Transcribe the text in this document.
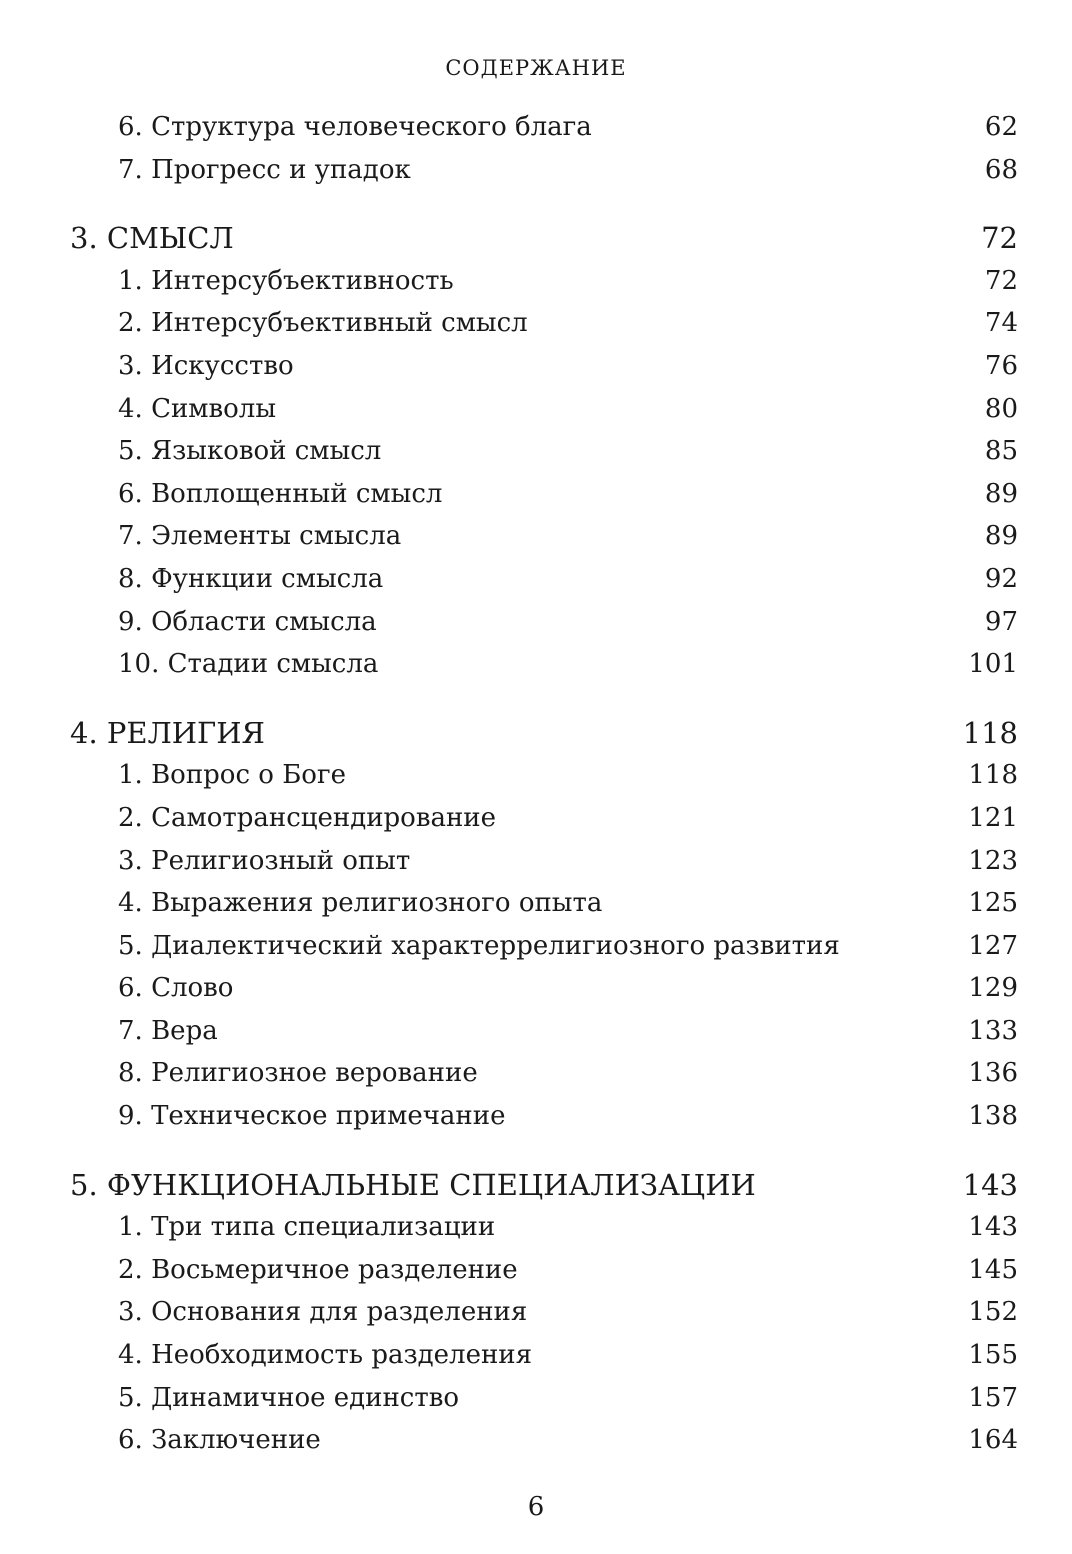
СОДЕРЖАНИЕ
6. Структура человеческого блага	62
7. Прогресс и упадок	68
3. СМЫСЛ	72
1. Интерсубъективность	72
2. Интерсубъективный смысл	74
3. Искусство	76
4. Символы	80
5. Языковой смысл	85
6. Воплощенный смысл	89
7. Элементы смысла	89
8. Функции смысла	92
9. Области смысла	97
10. Стадии смысла	101
4. РЕЛИГИЯ	118
1. Вопрос о Боге	118
2. Самотрансцендирование	121
3. Религиозный опыт	123
4. Выражения религиозного опыта	125
5. Диалектический характеррелигиозного развития	127
6. Слово	129
7. Вера	133
8. Религиозное верование	136
9. Техническое примечание	138
5. ФУНКЦИОНАЛЬНЫЕ СПЕЦИАЛИЗАЦИИ	143
1. Три типа специализации	143
2. Восьмеричное разделение	145
3. Основания для разделения	152
4. Необходимость разделения	155
5. Динамичное единство	157
6. Заключение	164
6
